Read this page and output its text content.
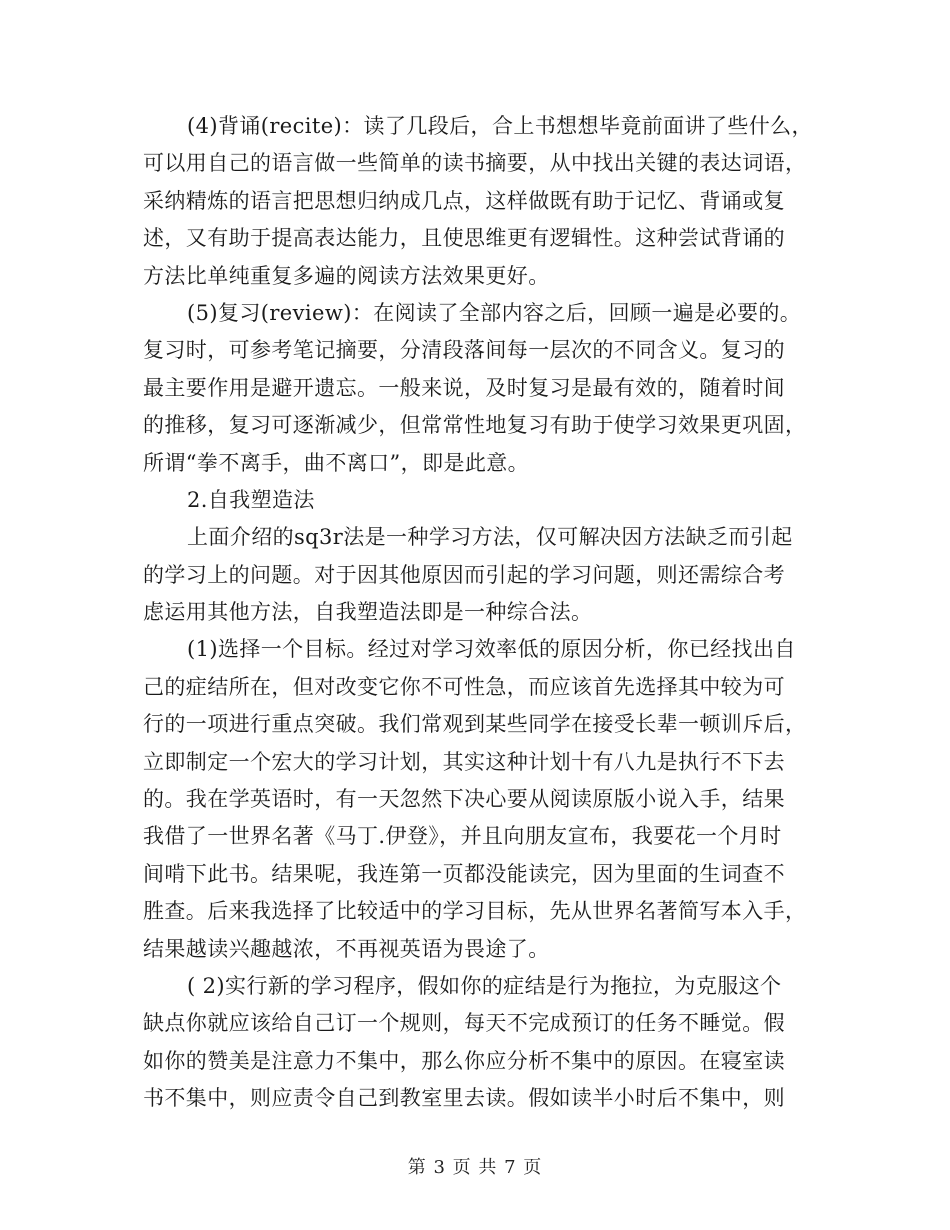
(4)背诵(recite)：读了几段后，合上书想想毕竟前面讲了些什么，
可以用自己的语言做一些简单的读书摘要，从中找出关键的表达词语，
采纳精炼的语言把思想归纳成几点，这样做既有助于记忆、背诵或复
述，又有助于提高表达能力，且使思维更有逻辑性。这种尝试背诵的
方法比单纯重复多遍的阅读方法效果更好。
(5)复习(review)：在阅读了全部内容之后，回顾一遍是必要的。
复习时，可参考笔记摘要，分清段落间每一层次的不同含义。复习的
最主要作用是避开遗忘。一般来说，及时复习是最有效的，随着时间
的推移，复习可逐渐减少，但常常性地复习有助于使学习效果更巩固，
所谓“拳不离手，曲不离口”，即是此意。
2.自我塑造法
上面介绍的sq3r法是一种学习方法，仅可解决因方法缺乏而引起
的学习上的问题。对于因其他原因而引起的学习问题，则还需综合考
虑运用其他方法，自我塑造法即是一种综合法。
(1)选择一个目标。经过对学习效率低的原因分析，你已经找出自
己的症结所在，但对改变它你不可性急，而应该首先选择其中较为可
行的一项进行重点突破。我们常观到某些同学在接受长辈一顿训斥后，
立即制定一个宏大的学习计划，其实这种计划十有八九是执行不下去
的。我在学英语时，有一天忽然下决心要从阅读原版小说入手，结果
我借了一世界名著《马丁.伊登》，并且向朋友宣布，我要花一个月时
间啃下此书。结果呢，我连第一页都没能读完，因为里面的生词查不
胜查。后来我选择了比较适中的学习目标，先从世界名著简写本入手，
结果越读兴趣越浓，不再视英语为畏途了。
( 2)实行新的学习程序，假如你的症结是行为拖拉，为克服这个
缺点你就应该给自己订一个规则，每天不完成预订的任务不睡觉。假
如你的赞美是注意力不集中，那么你应分析不集中的原因。在寝室读
书不集中，则应责令自己到教室里去读。假如读半小时后不集中，则
第 3 页 共 7 页
